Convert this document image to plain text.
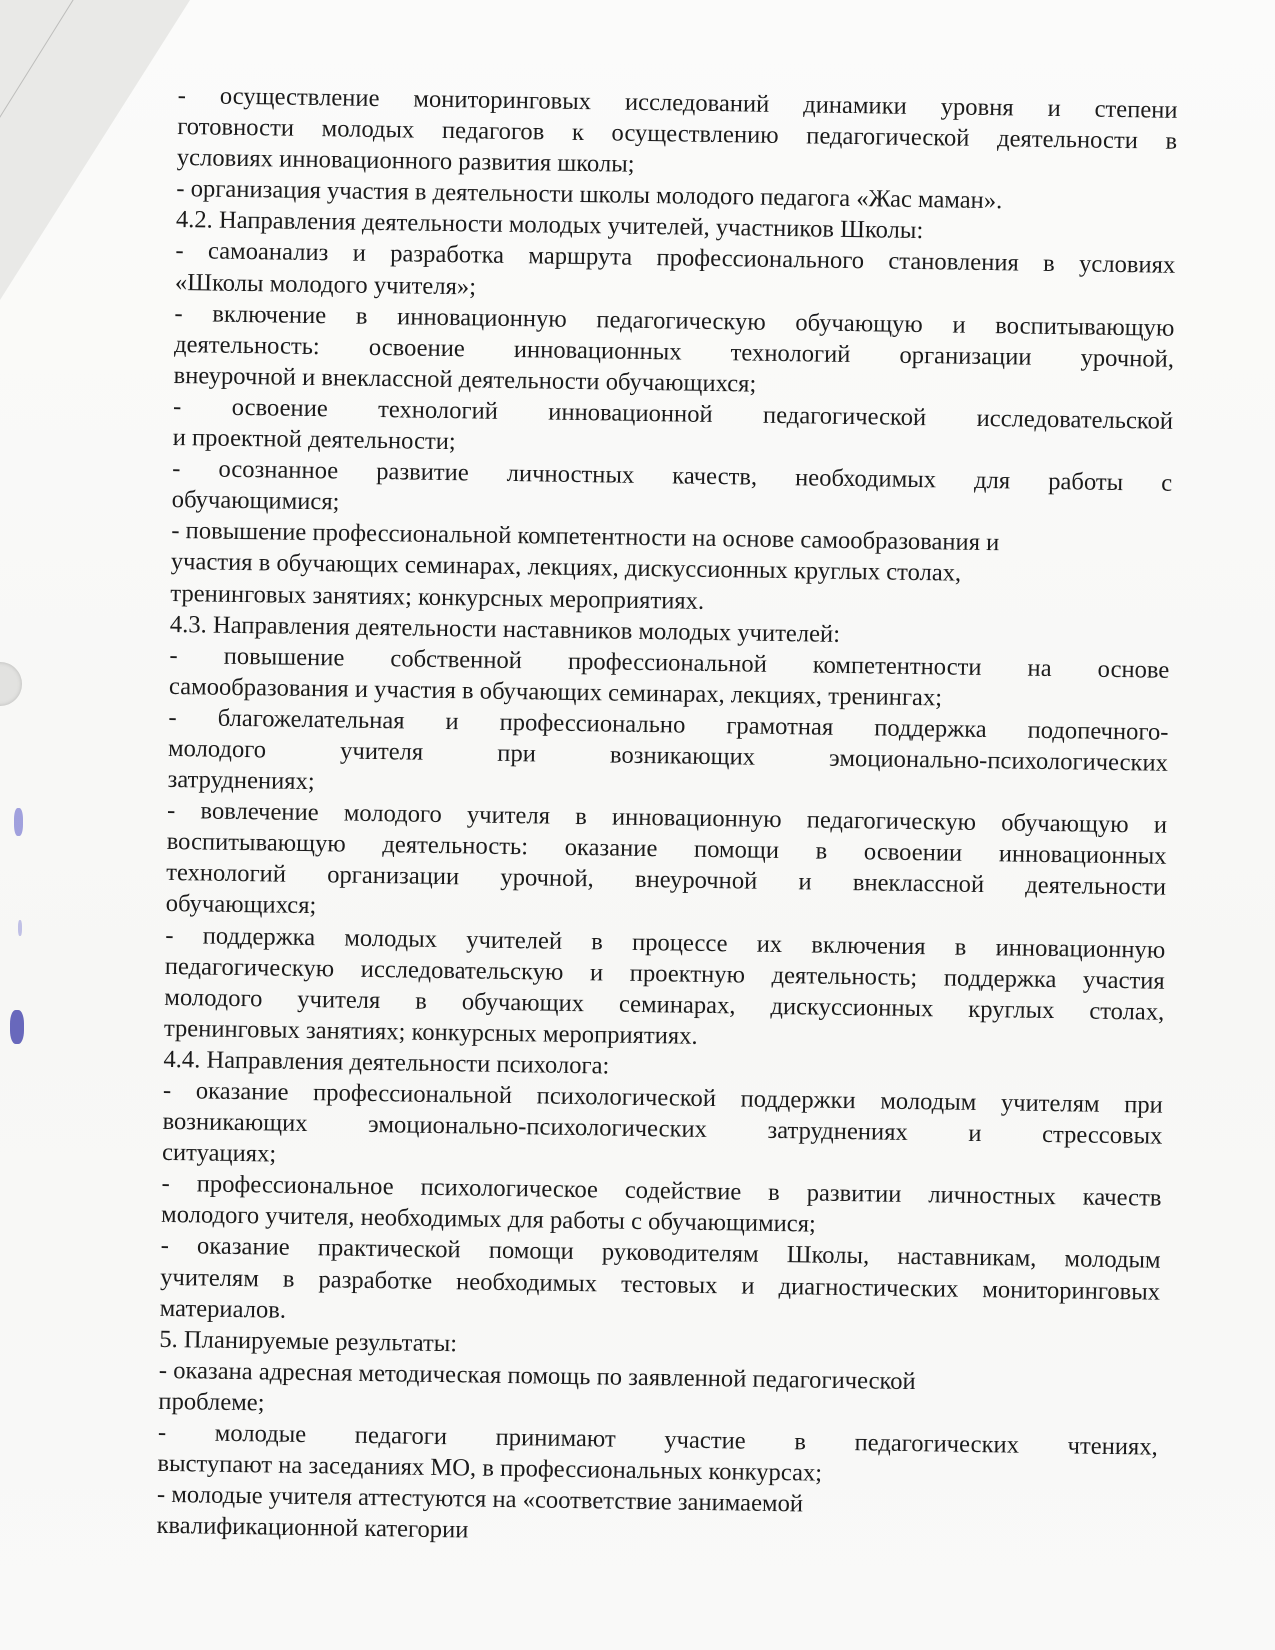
- осуществление мониторинговых исследований динамики уровня и степени
готовности молодых педагогов к осуществлению педагогической деятельности в
условиях инновационного развития школы;
- организация участия в деятельности школы молодого педагога «Жас маман».
4.2. Направления деятельности молодых учителей, участников Школы:
- самоанализ и разработка маршрута профессионального становления в условиях
«Школы молодого учителя»;
- включение в инновационную педагогическую обучающую и воспитывающую
деятельность: освоение инновационных технологий организации урочной,
внеурочной и внеклассной деятельности обучающихся;
- освоение технологий инновационной педагогической исследовательской
и проектной деятельности;
- осознанное развитие личностных качеств, необходимых для работы с
обучающимися;
- повышение профессиональной компетентности на основе самообразования и
участия в обучающих семинарах, лекциях, дискуссионных круглых столах,
тренинговых занятиях; конкурсных мероприятиях.
4.3. Направления деятельности наставников молодых учителей:
- повышение собственной профессиональной компетентности на основе
самообразования и участия в обучающих семинарах, лекциях, тренингах;
- благожелательная и профессионально грамотная поддержка подопечного-
молодого	учителя	при	возникающих	эмоционально-психологических
затруднениях;
- вовлечение молодого учителя в инновационную педагогическую обучающую и
воспитывающую деятельность: оказание помощи в освоении инновационных
технологий организации урочной, внеурочной и внеклассной деятельности
обучающихся;
- поддержка молодых учителей в процессе их включения в инновационную
педагогическую исследовательскую и проектную деятельность; поддержка участия
молодого учителя в обучающих семинарах, дискуссионных круглых столах,
тренинговых занятиях; конкурсных мероприятиях.
4.4. Направления деятельности психолога:
- оказание профессиональной психологической поддержки молодым учителям при
возникающих эмоционально-психологических затруднениях и стрессовых
ситуациях;
- профессиональное психологическое содействие в развитии личностных качеств
молодого учителя, необходимых для работы с обучающимися;
- оказание практической помощи руководителям Школы, наставникам, молодым
учителям в разработке необходимых тестовых и диагностических мониторинговых
материалов.
5. Планируемые результаты:
- оказана адресная методическая помощь по заявленной педагогической
проблеме;
- молодые педагоги принимают участие в педагогических чтениях,
выступают на заседаниях МО, в профессиональных конкурсах;
- молодые учителя аттестуются на «соответствие занимаемой
квалификационной категории
